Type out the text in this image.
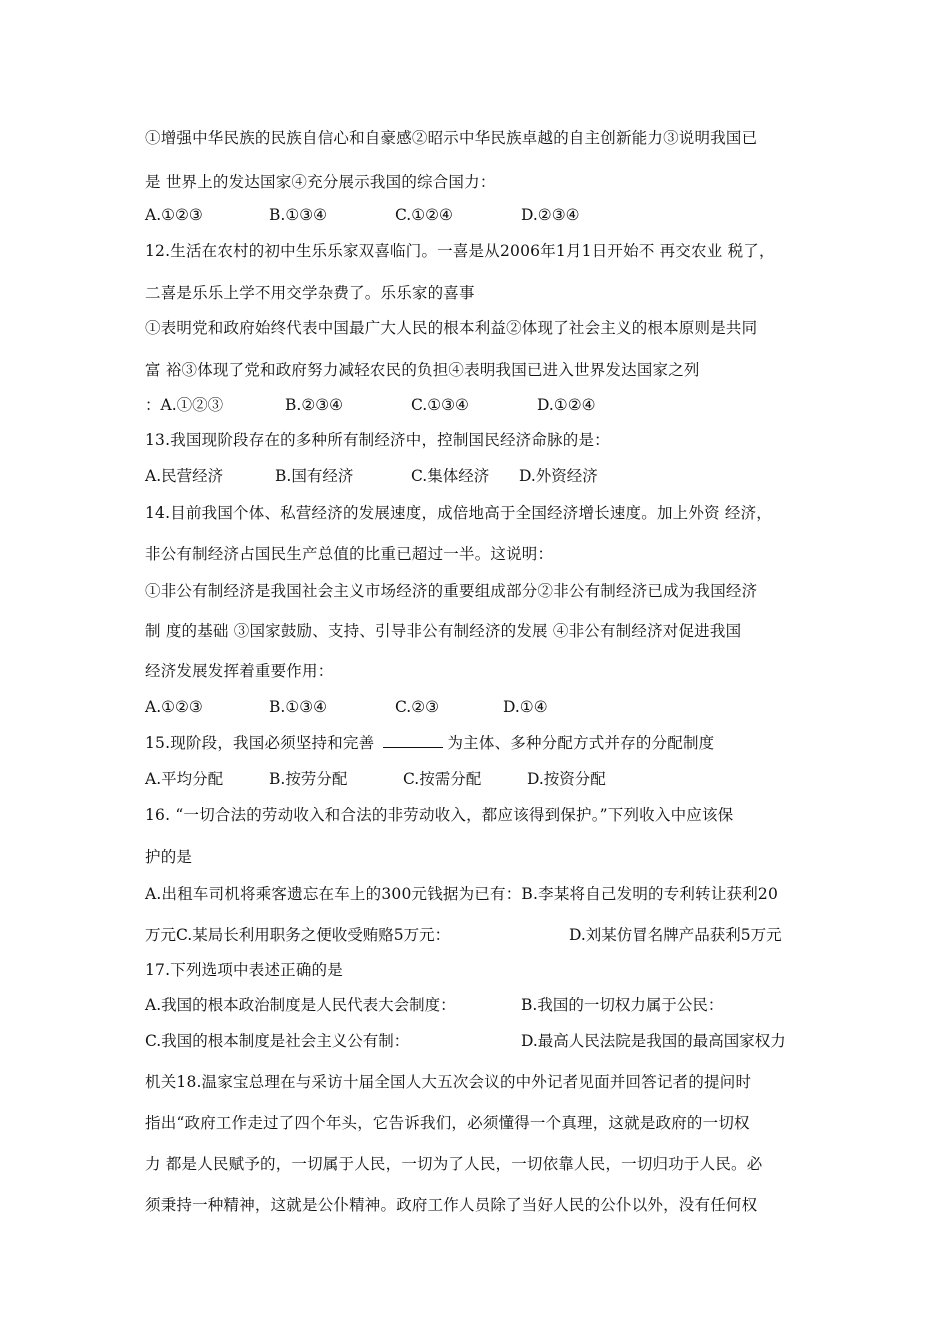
①增强中华民族的民族自信心和自豪感②昭示中华民族卓越的自主创新能力③说明我国已
是 世界上的发达国家④充分展示我国的综合国力：
A.①②③	B.①③④	C.①②④	D.②③④
12.生活在农村的初中生乐乐家双喜临门。一喜是从2006年1月1日开始不 再交农业 税了，
二喜是乐乐上学不用交学杂费了。乐乐家的喜事
①表明党和政府始终代表中国最广大人民的根本利益②体现了社会主义的根本原则是共同
富 裕③体现了党和政府努力减轻农民的负担④表明我国已进入世界发达国家之列
：A.①②③	B.②③④	C.①③④	D.①②④
13.我国现阶段存在的多种所有制经济中，控制国民经济命脉的是：
A.民营经济	B.国有经济	C.集体经济 D.外资经济
14.目前我国个体、私营经济的发展速度，成倍地高于全国经济增长速度。加上外资 经济，
非公有制经济占国民生产总值的比重已超过一半。这说明：
①非公有制经济是我国社会主义市场经济的重要组成部分②非公有制经济已成为我国经济
制 度的基础 ③国家鼓励、支持、引导非公有制经济的发展 ④非公有制经济对促进我国
经济发展发挥着重要作用：
A.①②③	B.①③④	C.②③	D.①④
15.现阶段，我国必须坚持和完善	为主体、多种分配方式并存的分配制度
A.平均分配	B.按劳分配	C.按需分配	D.按资分配
16. “一切合法的劳动收入和合法的非劳动收入，都应该得到保护。”下列收入中应该保
护的是
A.出租车司机将乘客遗忘在车上的300元钱据为已有：B.李某将自己发明的专利转让获利20
万元C.某局长利用职务之便收受贿赂5万元：	D.刘某仿冒名牌产品获利5万元
17.下列选项中表述正确的是
A.我国的根本政治制度是人民代表大会制度：	B.我国的一切权力属于公民：
C.我国的根本制度是社会主义公有制：	D.最高人民法院是我国的最高国家权力
机关18.温家宝总理在与采访十届全国人大五次会议的中外记者见面并回答记者的提问时
指出“政府工作走过了四个年头，它告诉我们，必须懂得一个真理，这就是政府的一切权
力 都是人民赋予的，一切属于人民，一切为了人民，一切依靠人民，一切归功于人民。必
须秉持一种精神，这就是公仆精神。政府工作人员除了当好人民的公仆以外，没有任何权
